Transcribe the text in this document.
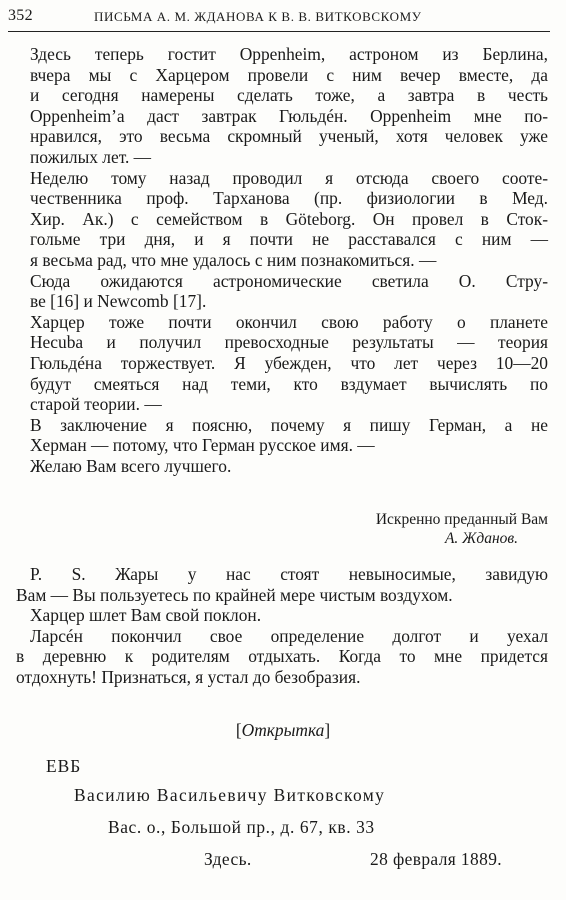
352	ПИСЬМА А. М. ЖДАНОВА К В. В. ВИТКОВСКОМУ
Здесь теперь гостит Oppenheim, астроном из Берлина,
вчера мы с Харцером провели с ним вечер вместе, да
и сегодня намерены сделать тоже, а завтра в честь
Oppenheim’а даст завтрак Гюльдéн. Oppenheim мне по-
нравился, это весьма скромный ученый, хотя человек уже
пожилых лет. —
Неделю тому назад проводил я отсюда своего соотe-
чественника проф. Тарханова (пр. физиологии в Мед.
Хир. Ак.) с семейством в Göteborg. Он провел в Сток-
гольме три дня, и я почти не расставался с ним —
я весьма рад, что мне удалось с ним познакомиться. —
Сюда ожидаются астрономические светила О. Стру-
ве [16] и Newcomb [17].
Харцер тоже почти окончил свою работу о планете
Hecuba и получил превосходные результаты — теория
Гюльдéна торжествует. Я убежден, что лет через 10—20
будут смеяться над теми, кто вздумает вычислять по
старой теории. —
В заключение я поясню, почему я пишу Герман, а не
Херман — потому, что Герман русское имя. —
Желаю Вам всего лучшего.
Искренно преданный Вам
А. Жданов.
P. S. Жары у нас стоят невыносимые, завидую
Вам — Вы пользуетесь по крайней мере чистым воздухом.
Харцер шлет Вам свой поклон.
Ларсéн покончил свое определение долгот и уехал
в деревню к родителям отдыхать. Когда то мне придется
отдохнуть! Признаться, я устал до безобразия.
[Открытка]
ЕВБ
Василию Васильевичу Витковскому
Вас. о., Большой пр., д. 67, кв. 33
Здесь.	28 февраля 1889.
